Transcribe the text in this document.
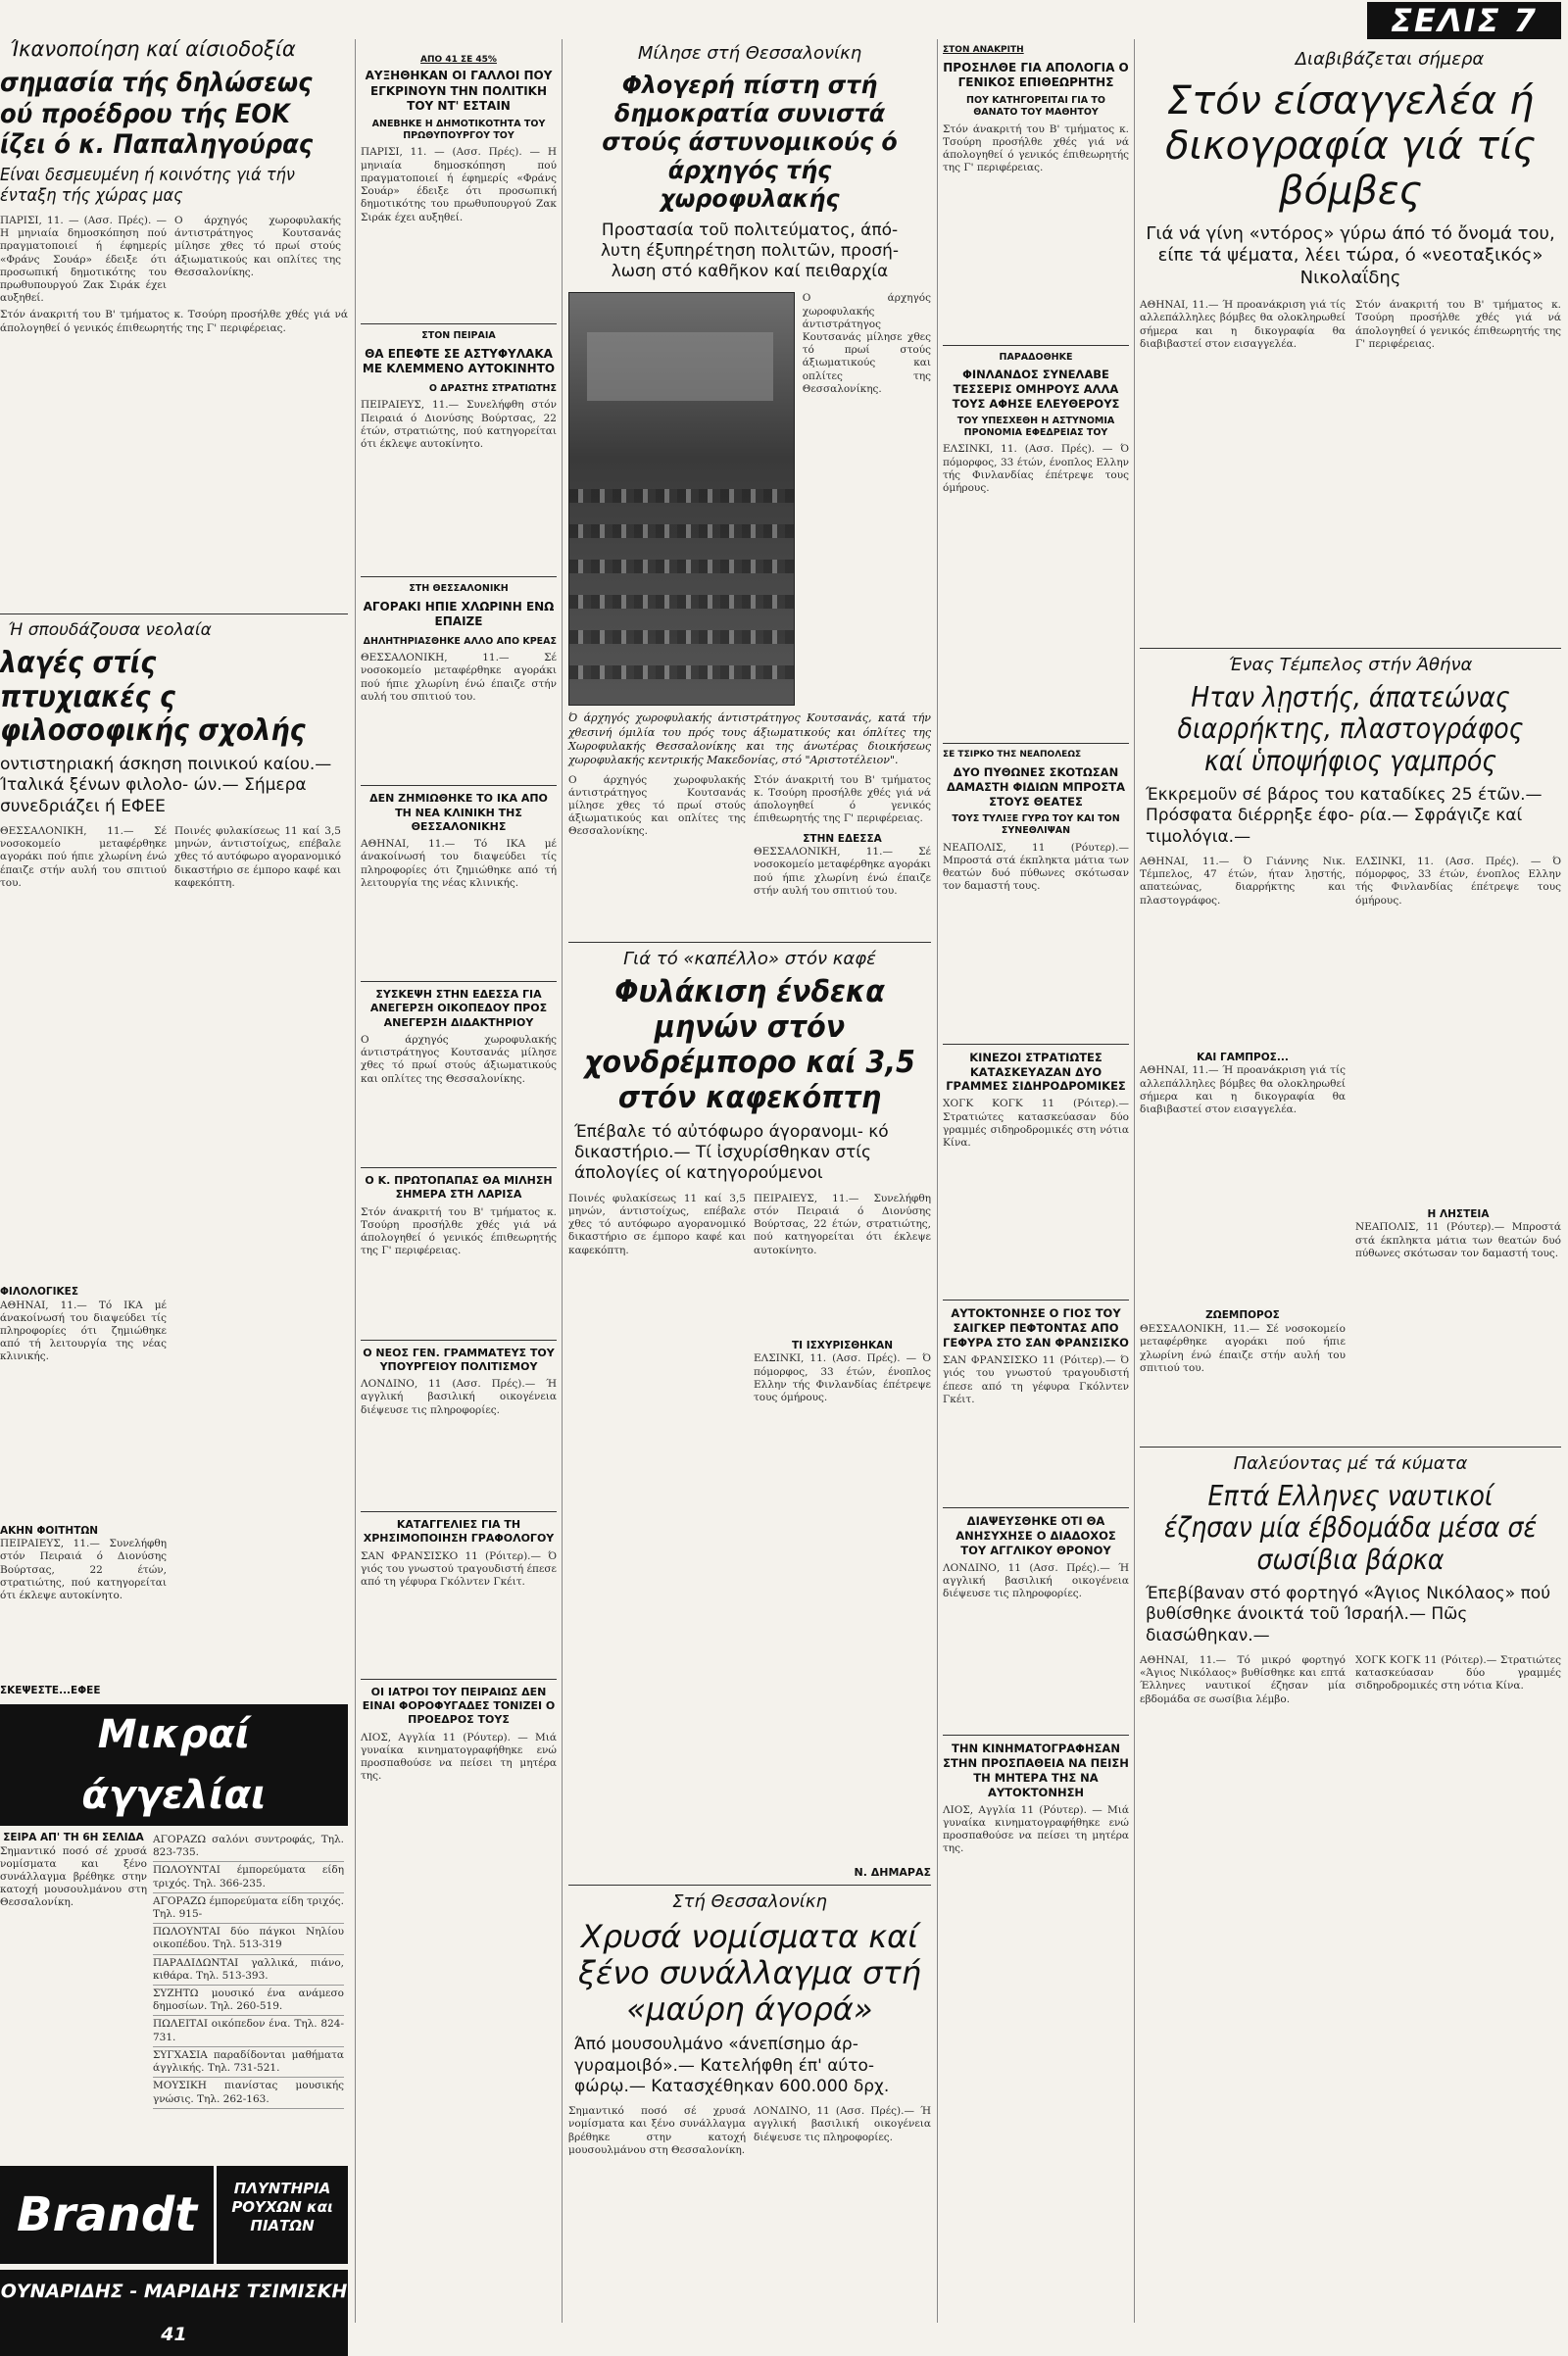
ΣΕΛΙΣ 7
Ίκανοποίηση καί αίσιοδοξία
σημασία τής δηλώσεως ού προέδρου τής ΕΟΚ ίζει ό κ. Παπαληγούρας
Είναι δεσμευμένη ή κοινότης γιά τήν ένταξη τής χώρας μας
ΠΑΡΙΣΙ, 11. — (Ασσ. Πρές). — Η μηνιαία δημοσκόπηση πού πραγματοποιεί ή έφημερίς «Φράνς Σουάρ» έδειξε ότι προσωπική δημοτικότης του πρωθυπουργού Ζακ Σιράκ έχει αυξηθεί.
Ο άρχηγός χωροφυλακής άντιστράτηγος Κουτσανάς μίλησε χθες τό πρωί στούς άξιωματικούς και οπλίτες της Θεσσαλονίκης.
Στόν άνακριτή του Β' τμήματος κ. Τσούρη προσήλθε χθές γιά νά άπολογηθεί ό γενικός έπιθεωρητής της Γ' περιφέρειας.
Ή σπουδάζουσα νεολαία
λαγές στίς πτυχιακές ς φιλοσοφικής σχολής
οντιστηριακή άσκηση ποινικού καίου.— Ίταλικά ξένων φιλολο- ών.— Σήμερα συνεδριάζει ή ΕΦΕΕ
ΘΕΣΣΑΛΟΝΙΚΗ, 11.— Σέ νοσοκομείο μεταφέρθηκε αγοράκι πού ήπιε χλωρίνη ένώ έπαιζε στήν αυλή του σπιτιού του.
ΦΙΛΟΛΟΓΙΚΕΣ
ΑΘΗΝΑΙ, 11.— Τό ΙΚΑ μέ άνακοίνωσή του διαψεύδει τίς πληροφορίες ότι ζημιώθηκε από τή λειτουργία της νέας κλινικής.
ΑΚΗΝ ΦΟΙΤΗΤΩΝ
ΠΕΙΡΑΙΕΥΣ, 11.— Συνελήφθη στόν Πειραιά ό Διονύσης Βούρτσας, 22 έτών, στρατιώτης, πού κατηγορείται ότι έκλεψε αυτοκίνητο.
ΣΚΕΨΕΣΤΕ...ΕΦΕΕ
Ποινές φυλακίσεως 11 καί 3,5 μηνών, άντιστοίχως, επέβαλε χθες τό αυτόφωρο αγορανομικό δικαστήριο σε έμπορο καφέ και καφεκόπτη.
Μικραί άγγελίαι
ΣΕΙΡΑ ΑΠ' ΤΗ 6Η ΣΕΛΙΔΑ
Σημαντικό ποσό σέ χρυσά νομίσματα και ξένο συνάλλαγμα βρέθηκε στην κατοχή μουσουλμάνου στη Θεσσαλονίκη.
ΑΓΟΡΑΖΩ σαλόνι συντροφάς, Τηλ. 823-735.
ΠΩΛΟΥΝΤΑΙ έμπορεύματα είδη τριχός. Τηλ. 366-235.
ΑΓΟΡΑΖΩ έμπορεύματα είδη τριχός. Τηλ. 915-
ΠΩΛΟΥΝΤΑΙ δύο πάγκοι Νηλίου οικοπέδου. Τηλ. 513-319
ΠΑΡΑΔΙΔΩΝΤΑΙ γαλλικά, πιάνο, κιθάρα. Τηλ. 513-393.
ΣΥΖΗΤΩ μουσικό ένα ανάμεσο δημοσίων. Τηλ. 260-519.
ΠΩΛΕΙΤΑΙ οικόπεδον ένα. Τηλ. 824-731.
ΣΥΓΧΑΣΙΑ παραδίδονται μαθήματα άγγλικής. Τηλ. 731-521.
ΜΟΥΣΙΚΗ πιανίστας μουσικής γνώσις. Τηλ. 262-163.
Brandt	ΠΛΥΝΤΗΡΙΑ ΡΟΥΧΩΝ και ΠΙΑΤΩΝ
ΟΥΝΑΡΙΔΗΣ - ΜΑΡΙΔΗΣ ΤΣΙΜΙΣΚΗ 41
ΑΠΟ 41 ΣΕ 45%
ΑΥΞΗΘΗΚΑΝ ΟΙ ΓΑΛΛΟΙ ΠΟΥ ΕΓΚΡΙΝΟΥΝ ΤΗΝ ΠΟΛΙΤΙΚΗ ΤΟΥ ΝΤ' ΕΣΤΑΙΝ
ΑΝΕΒΗΚΕ Η ΔΗΜΟΤΙΚΟΤΗΤΑ ΤΟΥ ΠΡΩΘΥΠΟΥΡΓΟΥ ΤΟΥ
ΠΑΡΙΣΙ, 11. — (Ασσ. Πρές). — Η μηνιαία δημοσκόπηση πού πραγματοποιεί ή έφημερίς «Φράνς Σουάρ» έδειξε ότι προσωπική δημοτικότης του πρωθυπουργού Ζακ Σιράκ έχει αυξηθεί.
ΣΤΟΝ ΠΕΙΡΑΙΑ
ΘΑ ΕΠΕΦΤΕ ΣΕ ΑΣΤΥΦΥΛΑΚΑ ΜΕ ΚΛΕΜΜΕΝΟ ΑΥΤΟΚΙΝΗΤΟ
Ο ΔΡΑΣΤΗΣ ΣΤΡΑΤΙΩΤΗΣ
ΠΕΙΡΑΙΕΥΣ, 11.— Συνελήφθη στόν Πειραιά ό Διονύσης Βούρτσας, 22 έτών, στρατιώτης, πού κατηγορείται ότι έκλεψε αυτοκίνητο.
ΣΤΗ ΘΕΣΣΑΛΟΝΙΚΗ
ΑΓΟΡΑΚΙ ΗΠΙΕ ΧΛΩΡΙΝΗ ΕΝΩ ΕΠΑΙΖΕ
ΔΗΛΗΤΗΡΙΑΣΘΗΚΕ ΑΛΛΟ ΑΠΟ ΚΡΕΑΣ
ΘΕΣΣΑΛΟΝΙΚΗ, 11.— Σέ νοσοκομείο μεταφέρθηκε αγοράκι πού ήπιε χλωρίνη ένώ έπαιζε στήν αυλή του σπιτιού του.
ΔΕΝ ΖΗΜΙΩΘΗΚΕ ΤΟ ΙΚΑ ΑΠΟ ΤΗ ΝΕΑ ΚΛΙΝΙΚΗ ΤΗΣ ΘΕΣΣΑΛΟΝΙΚΗΣ
ΑΘΗΝΑΙ, 11.— Τό ΙΚΑ μέ άνακοίνωσή του διαψεύδει τίς πληροφορίες ότι ζημιώθηκε από τή λειτουργία της νέας κλινικής.
ΣΥΣΚΕΨΗ ΣΤΗΝ ΕΔΕΣΣΑ ΓΙΑ ΑΝΕΓΕΡΣΗ ΟΙΚΟΠΕΔΟΥ ΠΡΟΣ ΑΝΕΓΕΡΣΗ ΔΙΔΑΚΤΗΡΙΟΥ
Ο άρχηγός χωροφυλακής άντιστράτηγος Κουτσανάς μίλησε χθες τό πρωί στούς άξιωματικούς και οπλίτες της Θεσσαλονίκης.
Ο Κ. ΠΡΩΤΟΠΑΠΑΣ ΘΑ ΜΙΛΗΣΗ ΣΗΜΕΡΑ ΣΤΗ ΛΑΡΙΣΑ
Στόν άνακριτή του Β' τμήματος κ. Τσούρη προσήλθε χθές γιά νά άπολογηθεί ό γενικός έπιθεωρητής της Γ' περιφέρειας.
Ο ΝΕΟΣ ΓΕΝ. ΓΡΑΜΜΑΤΕΥΣ ΤΟΥ ΥΠΟΥΡΓΕΙΟΥ ΠΟΛΙΤΙΣΜΟΥ
ΛΟΝΔΙΝΟ, 11 (Ασσ. Πρές).— Ή αγγλική βασιλική οικογένεια διέψευσε τις πληροφορίες.
ΚΑΤΑΓΓΕΛΙΕΣ ΓΙΑ ΤΗ ΧΡΗΣΙΜΟΠΟΙΗΣΗ ΓΡΑΦΟΛΟΓΟΥ
ΣΑΝ ΦΡΑΝΣΙΣΚΟ 11 (Ρόιτερ).— Ό γιός του γνωστού τραγουδιστή έπεσε από τη γέφυρα Γκόλντεν Γκέιτ.
ΟΙ ΙΑΤΡΟΙ ΤΟΥ ΠΕΙΡΑΙΩΣ ΔΕΝ ΕΙΝΑΙ ΦΟΡΟΦΥΓΑΔΕΣ ΤΟΝΙΖΕΙ Ο ΠΡΟΕΔΡΟΣ ΤΟΥΣ
ΛΙΟΣ, Αγγλία 11 (Ρόυτερ). — Μιά γυναίκα κινηματογραφήθηκε ενώ προσπαθούσε να πείσει τη μητέρα της.
Μίλησε στή Θεσσαλονίκη
Φλογερή πίστη στή δημοκρατία συνιστά στούς άστυνομικούς ό άρχηγός τής χωροφυλακής
Προστασία τοῦ πολιτεύματος, άπό- λυτη έξυπηρέτηση πολιτῶν, προσή- λωση στό καθῆκον καί πειθαρχία
Ο άρχηγός χωροφυλακής άντιστράτηγος Κουτσανάς μίλησε χθες τό πρωί στούς άξιωματικούς και οπλίτες της Θεσσαλονίκης.
Ό άρχηγός χωροφυλακής άντιστράτηγος Κουτσανάς, κατά τήν χθεσινή όμιλία του πρός τους άξιωματικούς και όπλίτες της Χωροφυλακής Θεσσαλονίκης και της άνωτέρας διοικήσεως χωροφυλακής κεντρικής Μακεδονίας, στό "Αριστοτέλειον".
Ο άρχηγός χωροφυλακής άντιστράτηγος Κουτσανάς μίλησε χθες τό πρωί στούς άξιωματικούς και οπλίτες της Θεσσαλονίκης.
Στόν άνακριτή του Β' τμήματος κ. Τσούρη προσήλθε χθές γιά νά άπολογηθεί ό γενικός έπιθεωρητής της Γ' περιφέρειας.
ΣΤΗΝ ΕΔΕΣΣΑ
ΘΕΣΣΑΛΟΝΙΚΗ, 11.— Σέ νοσοκομείο μεταφέρθηκε αγοράκι πού ήπιε χλωρίνη ένώ έπαιζε στήν αυλή του σπιτιού του.
Γιά τό «καπέλλο» στόν καφέ
Φυλάκιση ένδεκα μηνών στόν χονδρέμπορο καί 3,5 στόν καφεκόπτη
Έπέβαλε τό αὐτόφωρο άγορανομι- κό δικαστήριο.— Τί ἰσχυρίσθηκαν στίς άπολογίες οί κατηγορούμενοι
Ποινές φυλακίσεως 11 καί 3,5 μηνών, άντιστοίχως, επέβαλε χθες τό αυτόφωρο αγορανομικό δικαστήριο σε έμπορο καφέ και καφεκόπτη.
ΠΕΙΡΑΙΕΥΣ, 11.— Συνελήφθη στόν Πειραιά ό Διονύσης Βούρτσας, 22 έτών, στρατιώτης, πού κατηγορείται ότι έκλεψε αυτοκίνητο.
ΤΙ ΙΣΧΥΡΙΣΘΗΚΑΝ
ΕΛΣΙΝΚΙ, 11. (Ασσ. Πρές). — Ό πόμορφος, 33 έτών, ένοπλος Ελλην τής Φινλανδίας έπέτρεψε τους όμήρους.
Ν. ΔΗΜΑΡΑΣ
Στή Θεσσαλονίκη
Χρυσά νομίσματα καί ξένο συνάλλαγμα στή «μαύρη άγορά»
Άπό μουσουλμάνο «άνεπίσημο άρ- γυραμοιβό».— Κατελήφθη έπ' αύτο- φώρῳ.— Κατασχέθηκαν 600.000 δρχ.
Σημαντικό ποσό σέ χρυσά νομίσματα και ξένο συνάλλαγμα βρέθηκε στην κατοχή μουσουλμάνου στη Θεσσαλονίκη.
ΛΟΝΔΙΝΟ, 11 (Ασσ. Πρές).— Ή αγγλική βασιλική οικογένεια διέψευσε τις πληροφορίες.
ΣΤΟΝ ΑΝΑΚΡΙΤΗ
ΠΡΟΣΗΛΘΕ ΓΙΑ ΑΠΟΛΟΓΙΑ Ο ΓΕΝΙΚΟΣ ΕΠΙΘΕΩΡΗΤΗΣ
ΠΟΥ ΚΑΤΗΓΟΡΕΙΤΑΙ ΓΙΑ ΤΟ ΘΑΝΑΤΟ ΤΟΥ ΜΑΘΗΤΟΥ
Στόν άνακριτή του Β' τμήματος κ. Τσούρη προσήλθε χθές γιά νά άπολογηθεί ό γενικός έπιθεωρητής της Γ' περιφέρειας.
ΠΑΡΑΔΟΘΗΚΕ
ΦΙΝΛΑΝΔΟΣ ΣΥΝΕΛΑΒΕ ΤΕΣΣΕΡΙΣ ΟΜΗΡΟΥΣ ΑΛΛΑ ΤΟΥΣ ΑΦΗΣΕ ΕΛΕΥΘΕΡΟΥΣ
ΤΟΥ ΥΠΕΣΧΕΘΗ Η ΑΣΤΥΝΟΜΙΑ ΠΡΟΝΟΜΙΑ ΕΦΕΔΡΕΙΑΣ ΤΟΥ
ΕΛΣΙΝΚΙ, 11. (Ασσ. Πρές). — Ό πόμορφος, 33 έτών, ένοπλος Ελλην τής Φινλανδίας έπέτρεψε τους όμήρους.
ΣΕ ΤΣΙΡΚΟ ΤΗΣ ΝΕΑΠΟΛΕΩΣ
ΔΥΟ ΠΥΘΩΝΕΣ ΣΚΟΤΩΣΑΝ ΔΑΜΑΣΤΗ ΦΙΔΙΩΝ ΜΠΡΟΣΤΑ ΣΤΟΥΣ ΘΕΑΤΕΣ
ΤΟΥΣ ΤΥΛΙΞΕ ΓΥΡΩ ΤΟΥ ΚΑΙ ΤΟΝ ΣΥΝΕΘΛΙΨΑΝ
ΝΕΑΠΟΛΙΣ, 11 (Ρόυτερ).— Μπροστά στά έκπληκτα μάτια των θεατών δυό πύθωνες σκότωσαν τον δαμαστή τους.
ΚΙΝΕΖΟΙ ΣΤΡΑΤΙΩΤΕΣ ΚΑΤΑΣΚΕΥΑΖΑΝ ΔΥΟ ΓΡΑΜΜΕΣ ΣΙΔΗΡΟΔΡΟΜΙΚΕΣ
ΧΟΓΚ ΚΟΓΚ 11 (Ρόιτερ).— Στρατιώτες κατασκεύασαν δύο γραμμές σιδηροδρομικές στη νότια Κίνα.
ΑΥΤΟΚΤΟΝΗΣΕ Ο ΓΙΟΣ ΤΟΥ ΣΑΙΓΚΕΡ ΠΕΦΤΟΝΤΑΣ ΑΠΟ ΓΕΦΥΡΑ ΣΤΟ ΣΑΝ ΦΡΑΝΣΙΣΚΟ
ΣΑΝ ΦΡΑΝΣΙΣΚΟ 11 (Ρόιτερ).— Ό γιός του γνωστού τραγουδιστή έπεσε από τη γέφυρα Γκόλντεν Γκέιτ.
ΔΙΑΨΕΥΣΘΗΚΕ ΟΤΙ ΘΑ ΑΝΗΣΥΧΗΣΕ Ο ΔΙΑΔΟΧΟΣ ΤΟΥ ΑΓΓΛΙΚΟΥ ΘΡΟΝΟΥ
ΛΟΝΔΙΝΟ, 11 (Ασσ. Πρές).— Ή αγγλική βασιλική οικογένεια διέψευσε τις πληροφορίες.
ΤΗΝ ΚΙΝΗΜΑΤΟΓΡΑΦΗΣΑΝ ΣΤΗΝ ΠΡΟΣΠΑΘΕΙΑ ΝΑ ΠΕΙΣΗ ΤΗ ΜΗΤΕΡΑ ΤΗΣ ΝΑ ΑΥΤΟΚΤΟΝΗΣΗ
ΛΙΟΣ, Αγγλία 11 (Ρόυτερ). — Μιά γυναίκα κινηματογραφήθηκε ενώ προσπαθούσε να πείσει τη μητέρα της.
Διαβιβάζεται σήμερα
Στόν είσαγγελέα ή δικογραφία γιά τίς βόμβες
Γιά νά γίνη «ντόρος» γύρω άπό τό ὄνομά του, είπε τά ψέματα, λέει τώρα, ό «νεοταξικός» Νικολαΐδης
ΑΘΗΝΑΙ, 11.— Ή προανάκριση γιά τίς αλλεπάλληλες βόμβες θα ολοκληρωθεί σήμερα και η δικογραφία θα διαβιβαστεί στον εισαγγελέα.
Στόν άνακριτή του Β' τμήματος κ. Τσούρη προσήλθε χθές γιά νά άπολογηθεί ό γενικός έπιθεωρητής της Γ' περιφέρειας.
Ένας Τέμπελος στήν Άθήνα
Ηταν λῃστής, άπατεώνας διαρρήκτης, πλαστογράφος καί ὑποψήφιος γαμπρός
Έκκρεμοῦν σέ βάρος του καταδίκες 25 έτῶν.— Πρόσφατα διέρρηξε έφο- ρία.— Σφράγιζε καί τιμολόγια.—
ΑΘΗΝΑΙ, 11.— Ό Γιάννης Νικ. Τέμπελος, 47 έτών, ήταν λῃστής, απατεώνας, διαρρήκτης και πλαστογράφος.
ΚΑΙ ΓΑΜΠΡΟΣ...
ΑΘΗΝΑΙ, 11.— Ή προανάκριση γιά τίς αλλεπάλληλες βόμβες θα ολοκληρωθεί σήμερα και η δικογραφία θα διαβιβαστεί στον εισαγγελέα.
ΖΩΕΜΠΟΡΟΣ
ΘΕΣΣΑΛΟΝΙΚΗ, 11.— Σέ νοσοκομείο μεταφέρθηκε αγοράκι πού ήπιε χλωρίνη ένώ έπαιζε στήν αυλή του σπιτιού του.
ΕΛΣΙΝΚΙ, 11. (Ασσ. Πρές). — Ό πόμορφος, 33 έτών, ένοπλος Ελλην τής Φινλανδίας έπέτρεψε τους όμήρους.
Η ΛΗΣΤΕΙΑ
ΝΕΑΠΟΛΙΣ, 11 (Ρόυτερ).— Μπροστά στά έκπληκτα μάτια των θεατών δυό πύθωνες σκότωσαν τον δαμαστή τους.
Παλεύοντας μέ τά κύματα
Επτά Ελληνες ναυτικοί έζησαν μία έβδομάδα μέσα σέ σωσίβια βάρκα
Έπεβίβαναν στό φορτηγό «Άγιος Νικόλαος» πού βυθίσθηκε άνοικτά τοῦ Ίσραήλ.— Πῶς διασώθηκαν.—
ΑΘΗΝΑΙ, 11.— Τό μικρό φορτηγό «Άγιος Νικόλαος» βυθίσθηκε και επτά Έλληνες ναυτικοί έζησαν μία εβδομάδα σε σωσίβια λέμβο.
ΧΟΓΚ ΚΟΓΚ 11 (Ρόιτερ).— Στρατιώτες κατασκεύασαν δύο γραμμές σιδηροδρομικές στη νότια Κίνα.
